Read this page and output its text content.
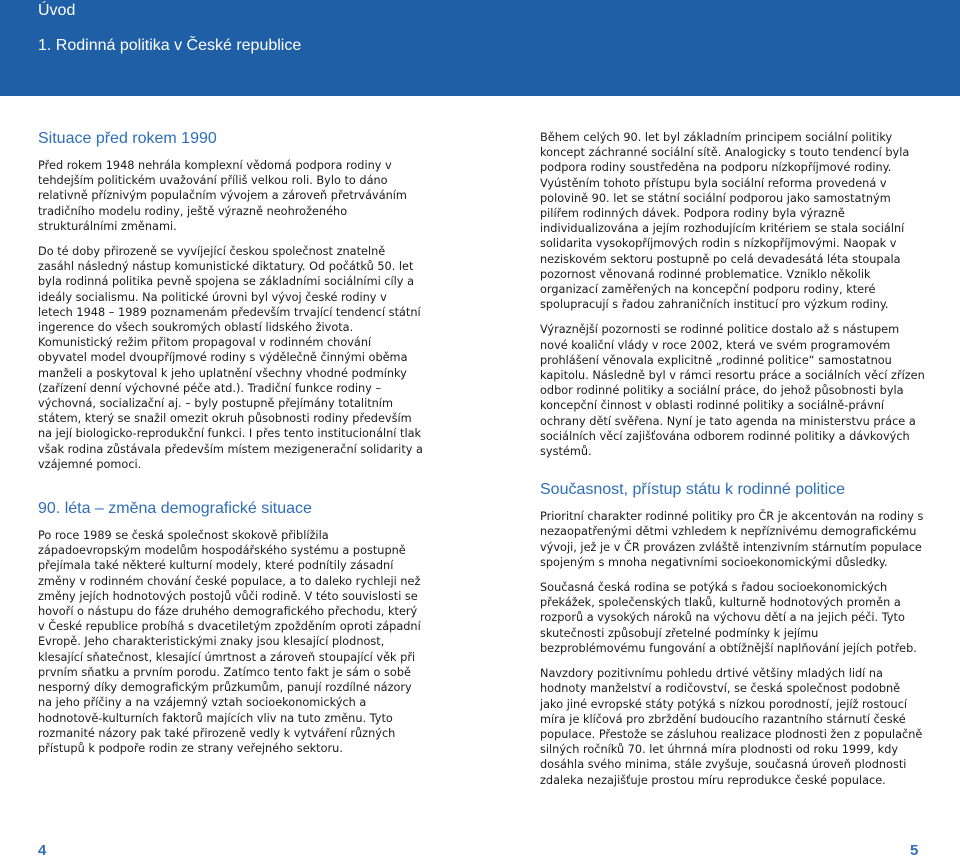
Úvod
1. Rodinná politika v České republice
Situace před rokem 1990

Před rokem 1948 nehrála komplexní vědomá podpora rodiny v tehdejším politickém uvažování příliš velkou roli. Bylo to dáno relativně příznivým populačním vývojem a zároveň přetrváváním tradičního modelu rodiny, ještě výrazně neohroženého strukturálními změnami.

Do té doby přirozeně se vyvíjející českou společnost znatelně zasáhl následný nástup komunistické diktatury. Od počátků 50. let byla rodinná politika pevně spojena se základními sociálními cíly a ideály socialismu. Na politické úrovni byl vývoj české rodiny v letech 1948 – 1989 poznamenám především trvající tendencí státní ingerence do všech soukromých oblastí lidského života. Komunistický režim přitom propagoval v rodinném chování obyvatel model dvoupříjmové rodiny s výdělečně činnými oběma manželi a poskytoval k jeho uplatnění všechny vhodné podmínky (zařízení denní výchovné péče atd.). Tradiční funkce rodiny – výchovná, socializační aj. – byly postupně přejímány totalitním státem, který se snažil omezit okruh působnosti rodiny především na její biologicko-reprodukční funkci. I přes tento institucionální tlak však rodina zůstávala především místem mezigenerační solidarity a vzájemné pomoci.

90. léta – změna demografické situace

Po roce 1989 se česká společnost skokově přiblížila západoevropským modelům hospodářského systému a postupně přejímala také některé kulturní modely, které podnítily zásadní změny v rodinném chování české populace, a to daleko rychleji než změny jejích hodnotových postojů vůči rodině. V této souvislosti se hovoří o nástupu do fáze druhého demografického přechodu, který v České republice probíhá s dvacetiletým zpožděním oproti západní Evropě. Jeho charakteristickými znaky jsou klesající plodnost, klesající sňatečnost, klesající úmrtnost a zároveň stoupající věk při prvním sňatku a prvním porodu. Zatímco tento fakt je sám o sobě nesporný díky demografickým průzkumům, panují rozdílné názory na jeho příčiny a na vzájemný vztah socioekonomických a hodnotově-kulturních faktorů majících vliv na tuto změnu. Tyto rozmanité názory pak také přirozeně vedly k vytváření různých přístupů k podpoře rodin ze strany veřejného sektoru.

Během celých 90. let byl základním principem sociální politiky koncept záchranné sociální sítě. Analogicky s touto tendencí byla podpora rodiny soustředěna na podporu nízkopříjmové rodiny. Vyústěním tohoto přístupu byla sociální reforma provedená v polovině 90. let se státní sociální podporou jako samostatným pilířem rodinných dávek. Podpora rodiny byla výrazně individualizována a jejím rozhodujícím kritériem se stala sociální solidarita vysokopříjmových rodin s nízkopříjmovými. Naopak v neziskovém sektoru postupně po celá devadesátá léta stoupala pozornost věnovaná rodinné problematice. Vzniklo několik organizací zaměřených na koncepční podporu rodiny, které spolupracují s řadou zahraničních institucí pro výzkum rodiny.

Výraznější pozornosti se rodinné politice dostalo až s nástupem nové koaliční vlády v roce 2002, která ve svém programovém prohlášení věnovala explicitně „rodinné politice“ samostatnou kapitolu. Následně byl v rámci resortu práce a sociálních věcí zřízen odbor rodinné politiky a sociální práce, do jehož působnosti byla koncepční činnost v oblasti rodinné politiky a sociálně-právní ochrany dětí svěřena. Nyní je tato agenda na ministerstvu práce a sociálních věcí zajišťována odborem rodinné politiky a dávkových systémů.

Současnost, přístup státu k rodinné politice

Prioritní charakter rodinné politiky pro ČR je akcentován na rodiny s nezaopatřenými dětmi vzhledem k nepříznivému demografickému vývoji, jež je v ČR provázen zvláště intenzivním stárnutím populace spojeným s mnoha negativními socioekonomickými důsledky.

Současná česká rodina se potýká s řadou socioekonomických překážek, společenských tlaků, kulturně hodnotových proměn a rozporů a vysokých nároků na výchovu dětí a na jejich péči. Tyto skutečnosti způsobují zřetelné podmínky k jejímu bezproblémovému fungování a obtížnější naplňování jejích potřeb.

Navzdory pozitivnímu pohledu drtivé většiny mladých lidí na hodnoty manželství a rodičovství, se česká společnost podobně jako jiné evropské státy potýká s nízkou porodností, jejíž rostoucí míra je klíčová pro zbrždění budoucího razantního stárnutí české populace. Přestože se zásluhou realizace plodnosti žen z populačně silných ročníků 70. let úhrnná míra plodnosti od roku 1999, kdy dosáhla svého minima, stále zvyšuje, současná úroveň plodnosti zdaleka nezajišťuje prostou míru reprodukce české populace.

4	5
